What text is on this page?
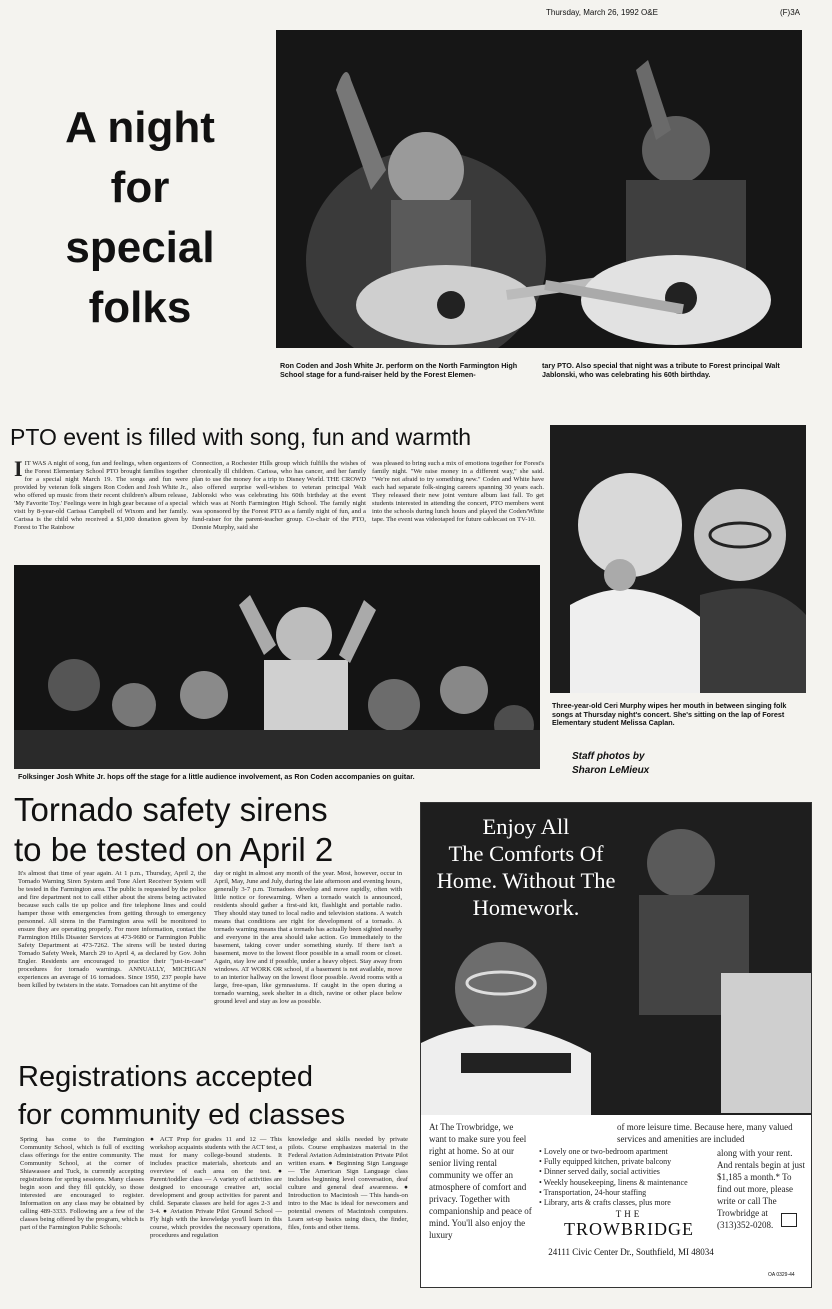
Thursday, March 26, 1992 O&E	(F)3A
A night
for
special
folks
Ron Coden and Josh White Jr. perform on the North Farmington High School stage for a fund-raiser held by the Forest Elemen-
tary PTO. Also special that night was a tribute to Forest principal Walt Jablonski, who was celebrating his 60th birthday.
PTO event is filled with song, fun and warmth
IIT WAS A night of song, fun and feelings, when organizers of the Forest Elementary School PTO brought families together for a special night March 19. The songs and fun were provided by veteran folk singers Ron Coden and Josh White Jr., who offered up music from their recent children's album release, 'My Favorite Toy.' Feelings were in high gear because of a special visit by 8-year-old Carissa Campbell of Wixom and her family. Carissa is the child who received a $1,000 donation given by Forest to The Rainbow
Connection, a Rochester Hills group which fulfills the wishes of chronically ill children. Carissa, who has cancer, and her family plan to use the money for a trip to Disney World. THE CROWD also offered surprise well-wishes to veteran principal Walt Jablonski who was celebrating his 60th birthday at the event which was at North Farmington High School. The family night was sponsored by the Forest PTO as a family night of fun, and a fund-raiser for the parent-teacher group. Co-chair of the PTO, Donnie Murphy, said she
was pleased to bring such a mix of emotions together for Forest's family night. "We raise money in a different way," she said. "We're not afraid to try something new." Coden and White have each had separate folk-singing careers spanning 30 years each. They released their new joint venture album last fall. To get students interested in attending the concert, PTO members went into the schools during lunch hours and played the Coden/White tape. The event was videotaped for future cablecast on TV-10.
Folksinger Josh White Jr. hops off the stage for a little audience involvement, as Ron Coden accompanies on guitar.
Three-year-old Ceri Murphy wipes her mouth in between singing folk songs at Thursday night's concert. She's sitting on the lap of Forest Elementary student Melissa Caplan.
Staff photos by
Sharon LeMieux
Tornado safety sirens
to be tested on April 2
It's almost that time of year again. At 1 p.m., Thursday, April 2, the Tornado Warning Siren System and Tone Alert Receiver System will be tested in the Farmington area. The public is requested by the police and fire department not to call either about the sirens being activated because such calls tie up police and fire telephone lines and could hamper those with emergencies from getting through to emergency personnel. All sirens in the Farmington area will be monitored to ensure they are operating properly. For more information, contact the Farmington Hills Disaster Services at 473-9680 or Farmington Public Safety Department at 473-7262. The sirens will be tested during Tornado Safety Week, March 29 to April 4, as declared by Gov. John Engler. Residents are encouraged to practice their "just-in-case" procedures for tornado warnings. ANNUALLY, MICHIGAN experiences an average of 16 tornadoes. Since 1950, 237 people have been killed by twisters in the state. Tornadoes can hit anytime of the
day or night in almost any month of the year. Most, however, occur in April, May, June and July, during the late afternoon and evening hours, generally 3-7 p.m. Tornadoes develop and move rapidly, often with little notice or forewarning. When a tornado watch is announced, residents should gather a first-aid kit, flashlight and portable radio. They should stay tuned to local radio and television stations. A watch means that conditions are right for development of a tornado. A tornado warning means that a tornado has actually been sighted nearby and everyone in the area should take action. Go immediately to the basement, taking cover under something sturdy. If there isn't a basement, move to the lowest floor possible in a small room or closet. Again, stay low and if possible, under a heavy object. Stay away from windows. AT WORK OR school, if a basement is not available, move to an interior hallway on the lowest floor possible. Avoid rooms with a large, free-span, like gymnasiums. If caught in the open during a tornado warning, seek shelter in a ditch, ravine or other place below ground level and stay as low as possible.
Registrations accepted
for community ed classes
Spring has come to the Farmington Community School, which is full of exciting class offerings for the entire community. The Community School, at the corner of Shiawassee and Tuck, is currently accepting registrations for spring sessions. Many classes begin soon and they fill quickly, so those interested are encouraged to register. Information on any class may be obtained by calling 489-3333. Following are a few of the classes being offered by the program, which is part of the Farmington Public Schools:
● ACT Prep for grades 11 and 12 — This workshop acquaints students with the ACT test, a must for many college-bound students. It includes practice materials, shortcuts and an overview of each area on the test. ● Parent/toddler class — A variety of activities are designed to encourage creative art, social development and group activities for parent and child. Separate classes are held for ages 2-3 and 3-4. ● Aviation Private Pilot Ground School — Fly high with the knowledge you'll learn in this course, which provides the necessary operations, procedures and regulation
knowledge and skills needed by private pilots. Course emphasizes material in the Federal Aviation Administration Private Pilot written exam. ● Beginning Sign Language — The American Sign Language class includes beginning level conversation, deaf culture and general deaf awareness. ● Introduction to Macintosh — This hands-on intro to the Mac is ideal for newcomers and potential owners of Macintosh computers. Learn set-up basics using discs, the finder, files, fonts and other items.
Enjoy All
The Comforts Of
Home. Without The
Homework.
At The Trowbridge, we want to make sure you feel right at home. So at our senior living rental community we offer an atmosphere of comfort and privacy. Together with companionship and peace of mind. You'll also enjoy the luxury
of more leisure time. Because here, many valued services and amenities are included
along with your rent. And rentals begin at just $1,185 a month.* To find out more, please write or call The Trowbridge at (313)352-0208.
• Lovely one or two-bedroom apartment
• Fully equipped kitchen, private balcony
• Dinner served daily, social activities
• Weekly housekeeping, linens & maintenance
• Transportation, 24-hour staffing
• Library, arts & crafts classes, plus more
THE
TROWBRIDGE
24111 Civic Center Dr., Southfield, MI 48034
OA 0329-44
